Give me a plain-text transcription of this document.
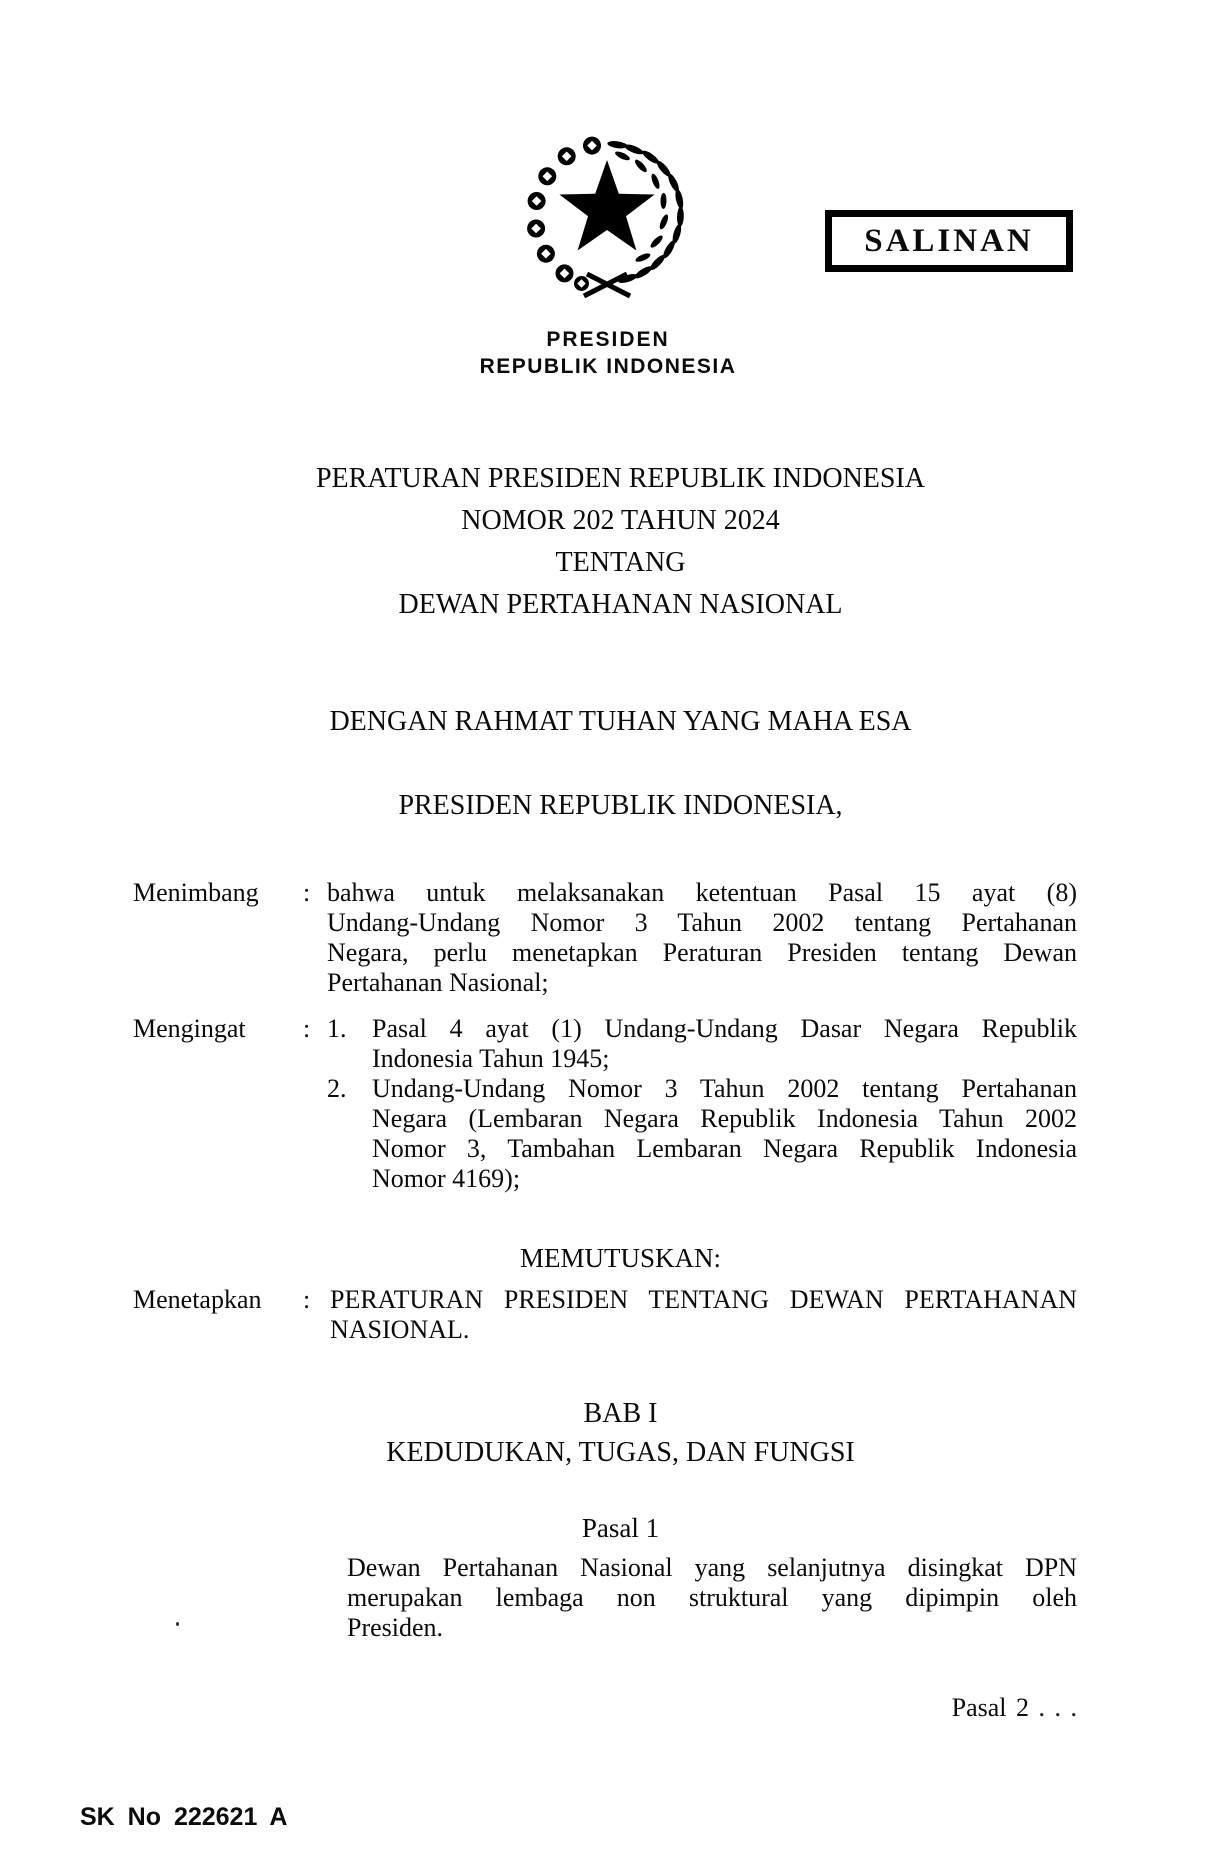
PRESIDEN
REPUBLIK INDONESIA
SALINAN
PERATURAN PRESIDEN REPUBLIK INDONESIA
NOMOR 202 TAHUN 2024
TENTANG
DEWAN PERTAHANAN NASIONAL
DENGAN RAHMAT TUHAN YANG MAHA ESA
PRESIDEN REPUBLIK INDONESIA,
Menimbang : bahwa untuk melaksanakan ketentuan Pasal 15 ayat (8)
Undang-Undang Nomor 3 Tahun 2002 tentang Pertahanan
Negara, perlu menetapkan Peraturan Presiden tentang Dewan
Pertahanan Nasional;
Mengingat : 1. Pasal 4 ayat (1) Undang-Undang Dasar Negara Republik
Indonesia Tahun 1945;
2. Undang-Undang Nomor 3 Tahun 2002 tentang Pertahanan
Negara (Lembaran Negara Republik Indonesia Tahun 2002
Nomor 3, Tambahan Lembaran Negara Republik Indonesia
Nomor 4169);
MEMUTUSKAN:
Menetapkan : PERATURAN PRESIDEN TENTANG DEWAN PERTAHANAN
NASIONAL.
BAB I
KEDUDUKAN, TUGAS, DAN FUNGSI
Pasal 1
Dewan Pertahanan Nasional yang selanjutnya disingkat DPN
merupakan lembaga non struktural yang dipimpin oleh
Presiden.
Pasal 2 . . .
SK No 222621 A
